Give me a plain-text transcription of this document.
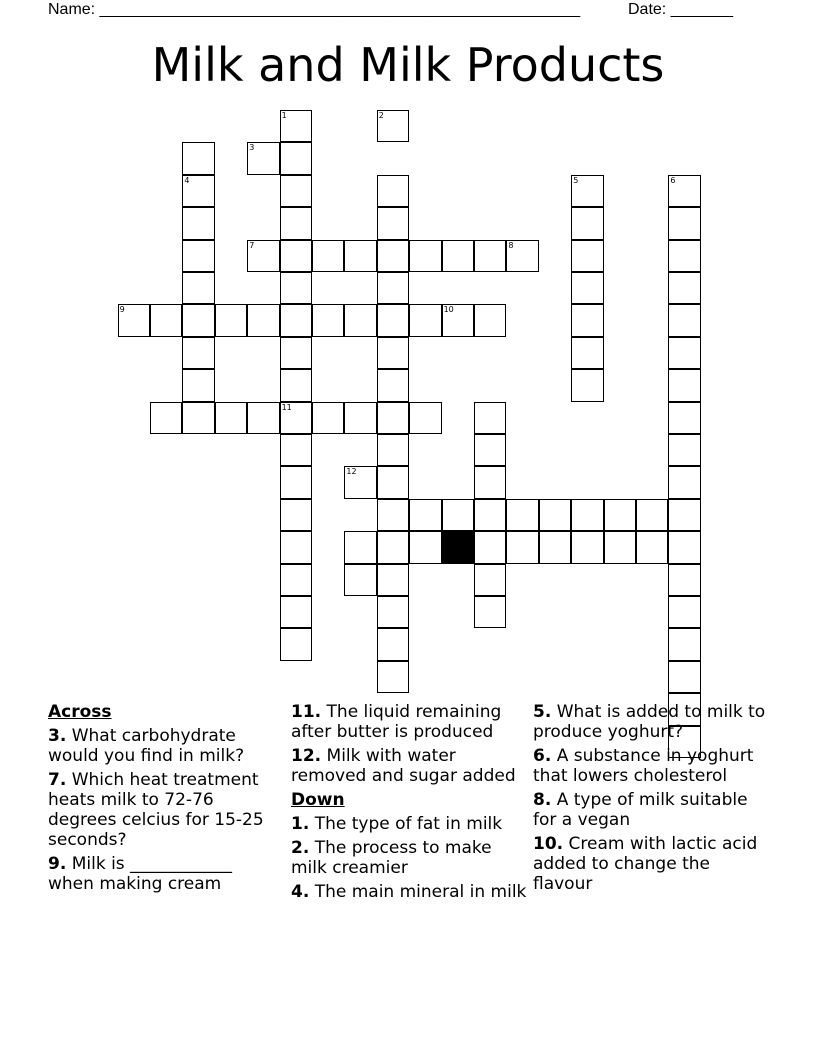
Name: ______________________________________________________	Date: _______
Milk and Milk Products
1
11
4
7
9	10
6
5
2
3
8
12
Across
3. What carbohydrate would you find in milk?
7. Which heat treatment heats milk to 72-76 degrees celcius for 15-25 seconds?
9. Milk is ____________ when making cream
11. The liquid remaining after butter is produced
12. Milk with water removed and sugar added
Down
1. The type of fat in milk
2. The process to make milk creamier
4. The main mineral in milk
5. What is added to milk to produce yoghurt?
6. A substance in yoghurt that lowers cholesterol
8. A type of milk suitable for a vegan
10. Cream with lactic acid added to change the flavour
